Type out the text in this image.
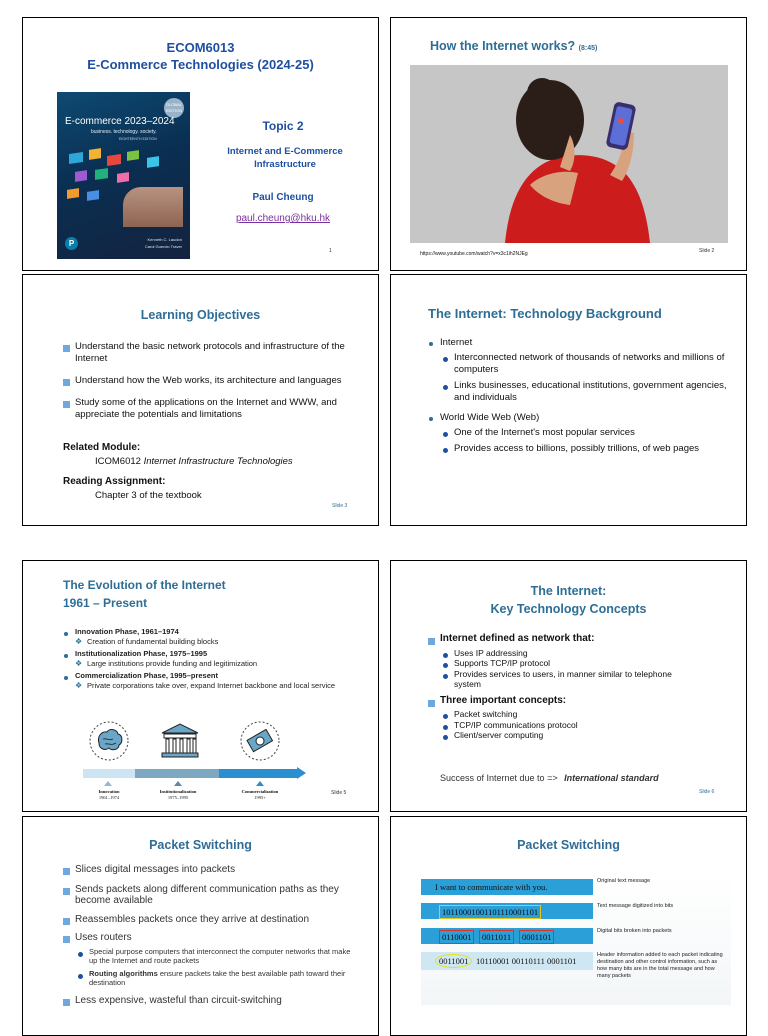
ECOM6013
E-Commerce Technologies (2024-25)
GLOBAL EDITION
E-commerce 2023–2024
business. technology. society.
EIGHTEENTH EDITION
P	Kenneth C. Laudon
Carol Guercio Traver
Topic 2
Internet and E-Commerce Infrastructure
Paul Cheung
paul.cheung@hku.hk
1
How the Internet works? (8:45)
https://www.youtube.com/watch?v=x3c1ih2NJEg	Slide 2
Learning Objectives
Understand the basic network protocols and infrastructure of the Internet
Understand how the Web works, its architecture and languages
Study some of the applications on the Internet and WWW, and appreciate the potentials and limitations
Related Module:
ICOM6012 Internet Infrastructure Technologies
Reading Assignment:
Chapter 3 of the textbook
Slide 3
The Internet: Technology Background
Internet
Interconnected network of thousands of networks and millions of computers
Links businesses, educational institutions, government agencies, and individuals
World Wide Web (Web)
One of the Internet's most popular services
Provides access to billions, possibly trillions, of web pages
The Evolution of the Internet
1961 – Present
Innovation Phase, 1961–1974
❖ Creation of fundamental building blocks
Institutionalization Phase, 1975–1995
❖ Large institutions provide funding and legitimization
Commercialization Phase, 1995–present
❖ Private corporations take over, expand Internet backbone and local service
Innovation
1961–1974
Institutionalization
1975–1995
Commercialization
1995+
Slide 5
The Internet:
Key Technology Concepts
Internet defined as network that:
Uses IP addressing
Supports TCP/IP protocol
Provides services to users, in manner similar to telephone system
Three important concepts:
Packet switching
TCP/IP communications protocol
Client/server computing
Success of Internet due to => International standard
Slide 6
Packet Switching
Slices digital messages into packets
Sends packets along different communication paths as they become available
Reassembles packets once they arrive at destination
Uses routers
Special purpose computers that interconnect the computer networks that make up the Internet and route packets
Routing algorithms ensure packets take the best available path toward their destination
Less expensive, wasteful than circuit-switching
Packet Switching
I want to communicate with you.
Original text message
10110001001101110001101
Text message digitized into bits
0110001	0011011	0001101
Digital bits broken into packets
0011001 10110001 00110111 0001101
Header information added to each packet indicating destination and other control information, such as how many bits are in the total message and how many packets
